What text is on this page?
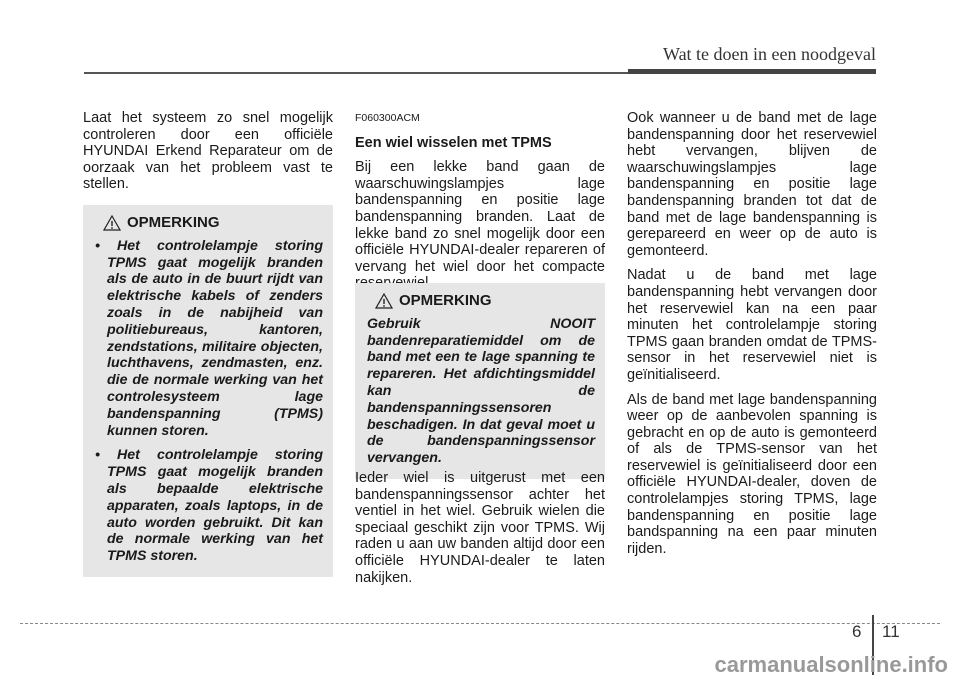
Wat te doen in een noodgeval

Laat het systeem zo snel mogelijk controleren door een officiële HYUNDAI Erkend Reparateur om de oorzaak van het probleem vast te stellen.

OPMERKING
• Het controlelampje storing TPMS gaat mogelijk branden als de auto in de buurt rijdt van elektrische kabels of zenders zoals in de nabijheid van politiebureaus, kantoren, zendstations, militaire objecten, luchthavens, zendmasten, enz. die de normale werking van het controlesysteem lage bandenspanning (TPMS) kunnen storen.
• Het controlelampje storing TPMS gaat mogelijk branden als bepaalde elektrische apparaten, zoals laptops, in de auto worden gebruikt. Dit kan de normale werking van het TPMS storen.

F060300ACM

Een wiel wisselen met TPMS

Bij een lekke band gaan de waarschuwingslampjes lage bandenspanning en positie lage bandenspanning branden. Laat de lekke band zo snel mogelijk door een officiële HYUNDAI-dealer repareren of vervang het wiel door het compacte

OPMERKING
Gebruik NOOIT bandenreparatiemiddel om de band met een te lage spanning te repareren. Het afdichtingsmiddel kan de bandenspanningssensoren beschadigen. In dat geval moet u de bandenspanningssensor vervangen.

Ieder wiel is uitgerust met een bandenspanningssensor achter het ventiel in het wiel. Gebruik wielen die speciaal geschikt zijn voor TPMS. Wij raden u aan uw banden altijd door een officiële HYUNDAI-dealer te laten nakijken.

Ook wanneer u de band met de lage bandenspanning door het reservewiel hebt vervangen, blijven de waarschuwingslampjes lage bandenspanning en positie lage bandenspanning branden tot dat de band met de lage bandenspanning is gerepareerd en weer op de auto is gemonteerd.

Nadat u de band met lage bandenspanning hebt vervangen door het reservewiel kan na een paar minuten het controlelampje storing TPMS gaan branden omdat de TPMS-sensor in het reservewiel niet is geïnitialiseerd.

Als de band met lage bandenspanning weer op de aanbevolen spanning is gebracht en op de auto is gemonteerd of als de TPMS-sensor van het reservewiel is geïnitialiseerd door een officiële HYUNDAI-dealer, doven de controlelampjes storing TPMS, lage bandenspanning en positie lage bandspanning na een paar minuten rijden.

6 11
carmanualsonline.info
